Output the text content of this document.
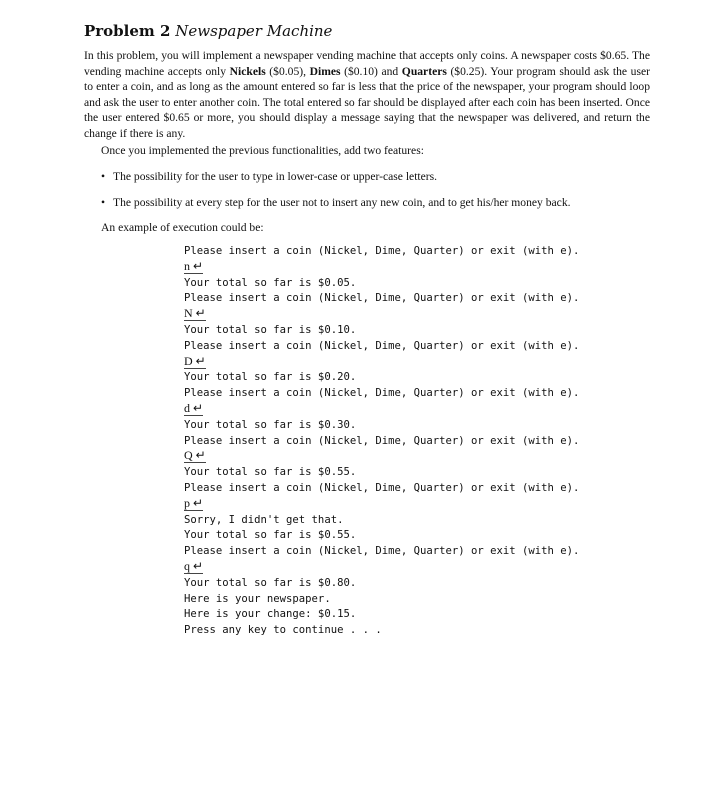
Problem 2 Newspaper Machine
In this problem, you will implement a newspaper vending machine that accepts only coins. A newspaper costs $0.65. The vending machine accepts only Nickels ($0.05), Dimes ($0.10) and Quarters ($0.25). Your program should ask the user to enter a coin, and as long as the amount entered so far is less that the price of the newspaper, your program should loop and ask the user to enter another coin. The total entered so far should be displayed after each coin has been inserted. Once the user entered $0.65 or more, you should display a message saying that the newspaper was delivered, and return the change if there is any.
Once you implemented the previous functionalities, add two features:
• The possibility for the user to type in lower-case or upper-case letters.
• The possibility at every step for the user not to insert any new coin, and to get his/her money back.
An example of execution could be:
Please insert a coin (Nickel, Dime, Quarter) or exit (with e).
n ↵
Your total so far is $0.05.
Please insert a coin (Nickel, Dime, Quarter) or exit (with e).
N ↵
Your total so far is $0.10.
Please insert a coin (Nickel, Dime, Quarter) or exit (with e).
D ↵
Your total so far is $0.20.
Please insert a coin (Nickel, Dime, Quarter) or exit (with e).
d ↵
Your total so far is $0.30.
Please insert a coin (Nickel, Dime, Quarter) or exit (with e).
Q ↵
Your total so far is $0.55.
Please insert a coin (Nickel, Dime, Quarter) or exit (with e).
p ↵
Sorry, I didn't get that.
Your total so far is $0.55.
Please insert a coin (Nickel, Dime, Quarter) or exit (with e).
q ↵
Your total so far is $0.80.
Here is your newspaper.
Here is your change: $0.15.
Press any key to continue . . .
